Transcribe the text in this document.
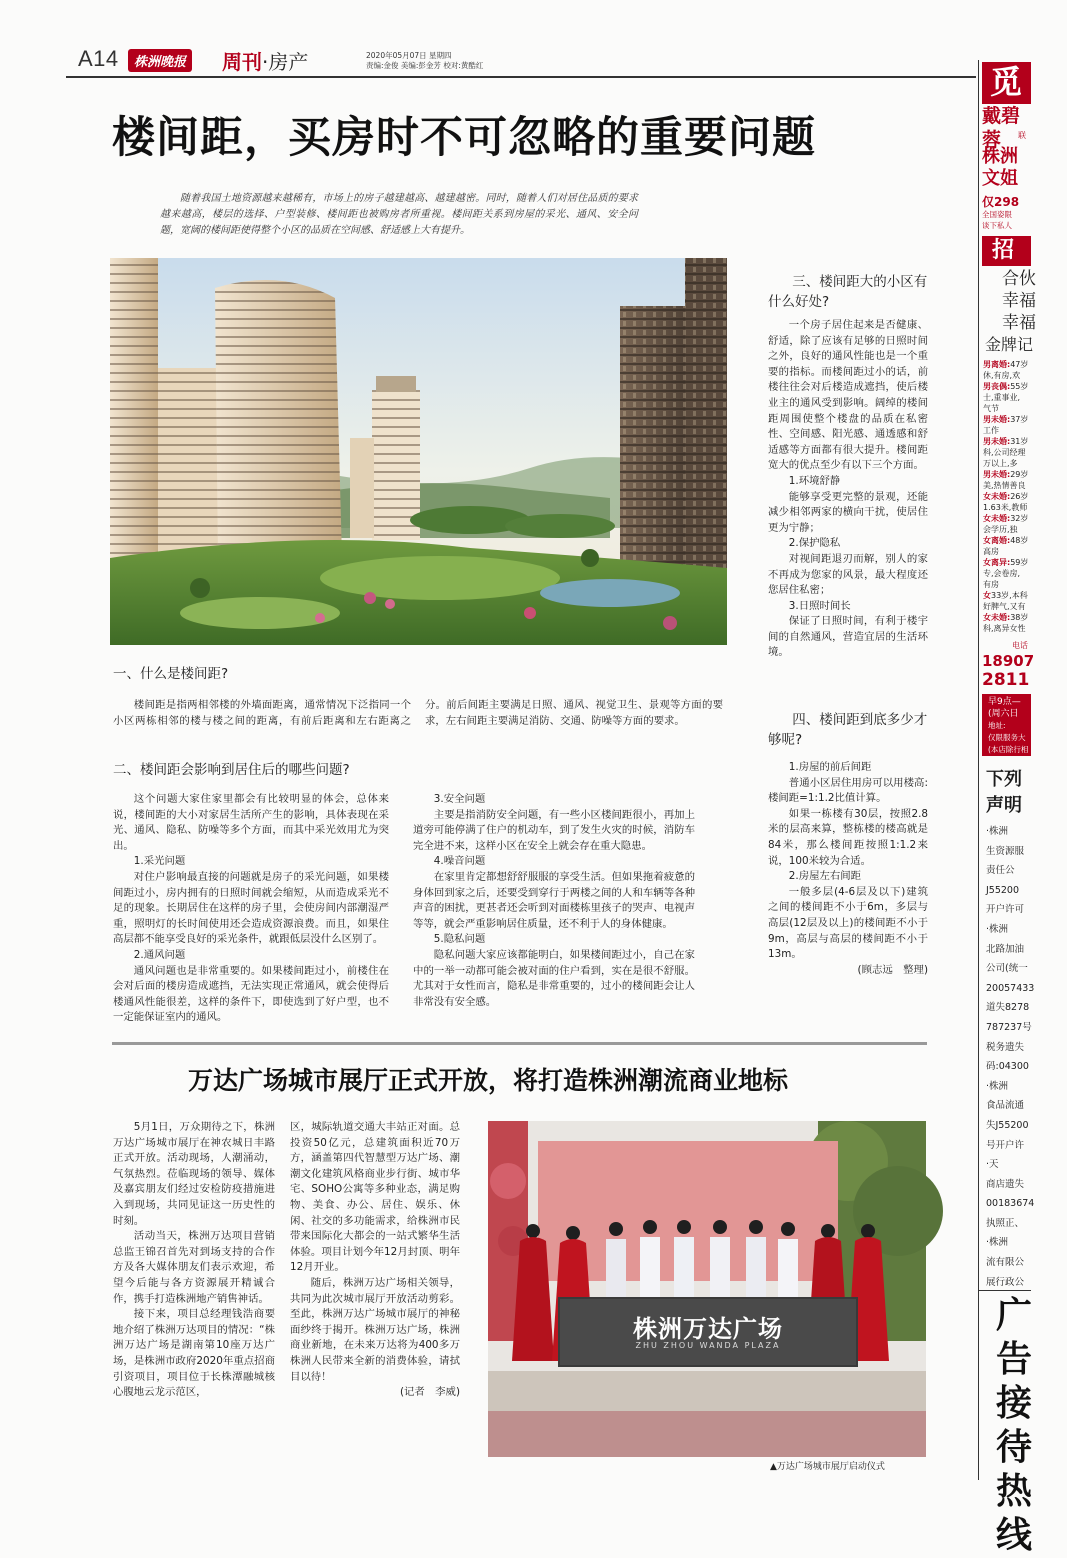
A14	株洲晚报	周刊·房产	2020年05月07日 星期四
责编:金俊 美编:彭金芳 校对:黄酷红
楼间距，买房时不可忽略的重要问题
随着我国土地资源越来越稀有，市场上的房子越建越高、越建越密。同时，随着人们对居住品质的要求越来越高，楼层的选择、户型装修、楼间距也被购房者所重视。楼间距关系到房屋的采光、通风、安全问题，宽阔的楼间距使得整个小区的品质在空间感、舒适感上大有提升。
一、什么是楼间距?

楼间距是指两相邻楼的外墙面距离，通常情况下泛指同一个小区两栋相邻的楼与楼之间的距离，有前后距离和左右距离之分。前后间距主要满足日照、通风、视觉卫生、景观等方面的要求，左右间距主要满足消防、交通、防噪等方面的要求。

二、楼间距会影响到居住后的哪些问题?

这个问题大家住家里都会有比较明显的体会，总体来说，楼间距的大小对家居生活所产生的影响，具体表现在采光、通风、隐私、防噪等多个方面，而其中采光效用尤为突出。

1.采光问题

对住户影响最直接的问题就是房子的采光问题，如果楼间距过小，房内拥有的日照时间就会缩短，从而造成采光不足的现象。长期居住在这样的房子里，会使房间内部潮湿严重，照明灯的长时间使用还会造成资源浪费。而且，如果住高层都不能享受良好的采光条件，就跟低层没什么区别了。

2.通风问题

通风问题也是非常重要的。如果楼间距过小，前楼住在会对后面的楼房造成遮挡，无法实现正常通风，就会使得后楼通风性能很差，这样的条件下，即使选到了好户型，也不一定能保证室内的通风。

3.安全问题

主要是指消防安全问题，有一些小区楼间距很小，再加上道旁可能停满了住户的机动车，到了发生火灾的时候，消防车完全进不来，这样小区在安全上就会存在重大隐患。

4.噪音问题

在家里肯定都想舒舒服服的享受生活。但如果拖着疲惫的身体回到家之后，还要受到穿行于两楼之间的人和车辆等各种声音的困扰，更甚者还会听到对面楼栋里孩子的哭声、电视声等等，就会严重影响居住质量，还不利于人的身体健康。

5.隐私问题

隐私问题大家应该都能明白，如果楼间距过小，自己在家中的一举一动都可能会被对面的住户看到，实在是很不舒服。尤其对于女性而言，隐私是非常重要的，过小的楼间距会让人非常没有安全感。

三、楼间距大的小区有什么好处?

一个房子居住起来是否健康、舒适，除了应该有足够的日照时间之外，良好的通风性能也是一个重要的指标。而楼间距过小的话，前楼往往会对后楼造成遮挡，使后楼业主的通风受到影响。阔绰的楼间距周围使整个楼盘的品质在私密性、空间感、阳光感、通透感和舒适感等方面都有很大提升。楼间距宽大的优点至少有以下三个方面。

1.环境舒静

能够享受更完整的景观，还能减少相邻两家的横向干扰，使居住更为宁静；

2.保护隐私

对视间距退刃而解，别人的家不再成为您家的风景，最大程度还您居住私密；

3.日照时间长

保证了日照时间，有利于楼宇间的自然通风，营造宜居的生活环境。

四、楼间距到底多少才够呢?

1.房屋的前后间距

普通小区居住用房可以用楼高:楼间距=1:1.2比值计算。

如果一栋楼有30层，按照2.8米的层高来算，整栋楼的楼高就是84米，那么楼间距按照1:1.2来说，100米较为合适。

2.房屋左右间距

一般多层(4-6层及以下)建筑之间的楼间距不小于6m，多层与高层(12层及以上)的楼间距不小于9m，高层与高层的楼间距不小于13m。

(顾志远　整理)

万达广场城市展厅正式开放，将打造株洲潮流商业地标

5月1日，万众期待之下，株洲万达广场城市展厅在神农城日丰路正式开放。活动现场，人潮涌动，气氛热烈。莅临现场的领导、媒体及嘉宾朋友们经过安检防疫措施进入到现场，共同见证这一历史性的时刻。

活动当天，株洲万达项目营销总监王锦召首先对到场支持的合作方及各大媒体朋友们表示欢迎，希望今后能与各方资源展开精诚合作，携手打造株洲地产销售神话。

接下来，项目总经理钱浩商要地介绍了株洲万达项目的情况：“株洲万达广场是湖南第10座万达广场，是株洲市政府2020年重点招商引资项目，项目位于长株潭融城核心腹地云龙示范区，

区，城际轨道交通大丰站正对面。总投资50亿元，总建筑面积近70万方，涵盖第四代智慧型万达广场、潮潮文化建筑风格商业步行街、城市华宅、SOHO公寓等多种业态，满足购物、美食、办公、居住、娱乐、休闲、社交的多功能需求，给株洲市民带来国际化大都会的一站式繁华生活体验。项目计划今年12月封顶、明年12月开业。

随后，株洲万达广场相关领导，共同为此次城市展厅开放活动剪彩。至此，株洲万达广场城市展厅的神秘面纱终于揭开。株洲万达广场，株洲商业新地，在未来万达将为400多万株洲人民带来全新的消费体验，请拭目以待！

(记者　李威)

株洲万达广场
ZHU ZHOU WANDA PLAZA
▲万达广场城市展厅启动仪式
觅
戴碧蓉	联
株洲
文姐
仅298
全国姿限
谈下私人
招
合伙
幸福
幸福
金牌记
男离婚:47岁
休,有房,欢
男丧偶:55岁
士,重事业,
气节
男未婚:37岁
工作
男未婚:31岁
科,公司经理
万以上,多
男未婚:29岁
美,热情善良
女未婚:26岁
1.63米,教师
女未婚:32岁
会学历,独
女离婚:48岁
高房
女离异:59岁
专,会卷房,
有房
女33岁,本科
好脾气,又有
女未婚:38岁
科,离异女性
电话
18907
2811
早9点—
(周六日
地址:
仅限服务大
(本店除行相
下列
声明
·株洲
生资源服
责任公
J55200
开户许可
·株洲
北路加油
公司(统一
20057433
道失8278
787237号
税务遗失
码:04300
·株洲
食品流通
失J55200
号开户许
·天
商店遗失
00183674
执照正、
·株洲
流有限公
展行政公
广
告
接
待
热
线
